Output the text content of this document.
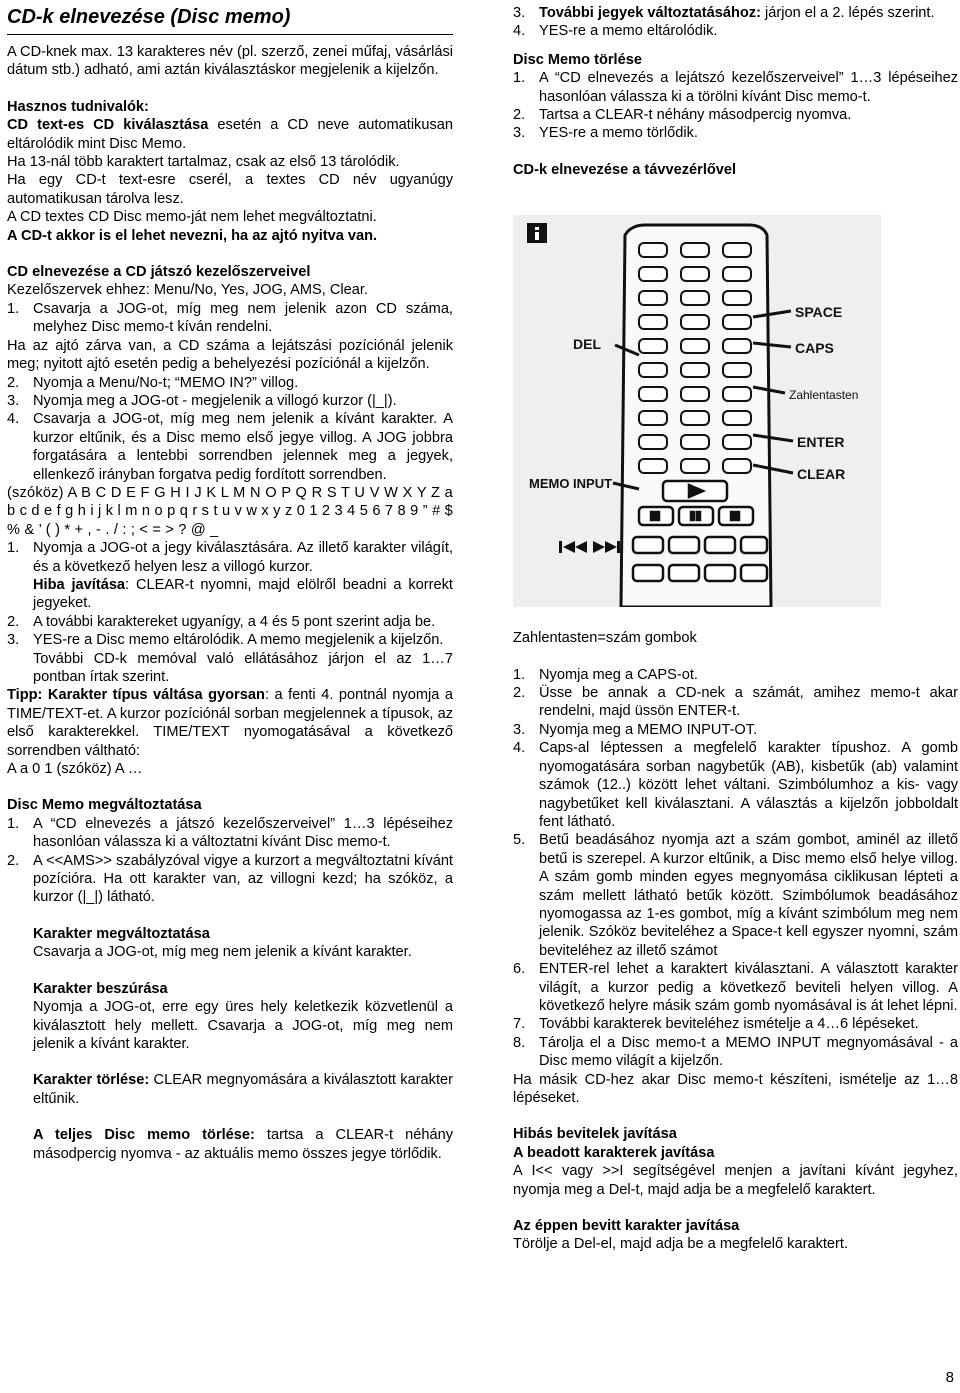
CD-k elnevezése (Disc memo)

A CD-knek max. 13 karakteres név (pl. szerző, zenei műfaj, vásárlási dátum stb.) adható, ami aztán kiválasztáskor megjelenik a kijelzőn.

Hasznos tudnivalók:

CD text-es CD kiválasztása esetén a CD neve automatikusan eltárolódik mint Disc Memo.

Ha 13-nál több karaktert tartalmaz, csak az első 13 tárolódik.

Ha egy CD-t text-esre cserél, a textes CD név ugyanúgy automatikusan tárolva lesz.

A CD textes CD Disc memo-ját nem lehet megváltoztatni.

A CD-t akkor is el lehet nevezni, ha az ajtó nyitva van.

CD elnevezése a CD játszó kezelőszerveivel

Kezelőszervek ehhez: Menu/No, Yes, JOG, AMS, Clear.

1. Csavarja a JOG-ot, míg meg nem jelenik azon CD száma, melyhez Disc memo-t kíván rendelni.

Ha az ajtó zárva van, a CD száma a lejátszási pozíciónál jelenik meg; nyitott ajtó esetén pedig a behelyezési pozíciónál a kijelzőn.

2. Nyomja a Menu/No-t; “MEMO IN?” villog.
3. Nyomja meg a JOG-ot - megjelenik a villogó kurzor (|_|).
4. Csavarja a JOG-ot, míg meg nem jelenik a kívánt karakter. A kurzor eltűnik, és a Disc memo első jegye villog. A JOG jobbra forgatására a lentebbi sorrendben jelennek meg a jegyek, ellenkező irányban forgatva pedig fordított sorrendben.

(szóköz) A B C D E F G H I J K L M N O P Q R S T U V W X Y Z a b c d e f g h i j k l m n o p q r s t u v w x y z 0 1 2 3 4 5 6 7 8 9 ” # $ % & ’ ( ) * + , - . / : ; < = > ? @ _

1. Nyomja a JOG-ot a jegy kiválasztására. Az illető karakter világít, és a következő helyen lesz a villogó kurzor.

Hiba javítása: CLEAR-t nyomni, majd elölről beadni a korrekt jegyeket.

2. A további karaktereket ugyanígy, a 4 és 5 pont szerint adja be.
3. YES-re a Disc memo eltárolódik. A memo megjelenik a kijelzőn.

További CD-k memóval való ellátásához járjon el az 1…7 pontban írtak szerint.

Tipp: Karakter típus váltása gyorsan: a fenti 4. pontnál nyomja a TIME/TEXT-et. A kurzor pozíciónál sorban megjelennek a típusok, az első karakterekkel. TIME/TEXT nyomogatásával a következő sorrendben váltható:

A a 0 1 (szóköz) A …

Disc Memo megváltoztatása

1. A “CD elnevezés a játszó kezelőszerveivel” 1…3 lépéseihez hasonlóan válassza ki a változtatni kívánt Disc memo-t.
2. A <<AMS>> szabályzóval vigye a kurzort a megváltoztatni kívánt pozícióra. Ha ott karakter van, az villogni kezd; ha szóköz, a kurzor (|_|) látható.

Karakter megváltoztatása

Csavarja a JOG-ot, míg meg nem jelenik a kívánt karakter.

Karakter beszúrása

Nyomja a JOG-ot, erre egy üres hely keletkezik közvetlenül a kiválasztott hely mellett. Csavarja a JOG-ot, míg meg nem jelenik a kívánt karakter.

Karakter törlése: CLEAR megnyomására a kiválasztott karakter eltűnik.

A teljes Disc memo törlése: tartsa a CLEAR-t néhány másodpercig nyomva - az aktuális memo összes jegye törlődik.

3. További jegyek változtatásához: járjon el a 2. lépés szerint.
4. YES-re a memo eltárolódik.

Disc Memo törlése

1. A “CD elnevezés a lejátszó kezelőszerveivel” 1…3 lépéseihez hasonlóan válassza ki a törölni kívánt Disc memo-t.
2. Tartsa a CLEAR-t néhány másodpercig nyomva.
3. YES-re a memo törlődik.

CD-k elnevezése a távvezérlővel

SPACE
CAPS
DEL
Zahlentasten
ENTER
CLEAR
MEMO INPUT

Zahlentasten=szám gombok

1. Nyomja meg a CAPS-ot.
2. Üsse be annak a CD-nek a számát, amihez memo-t akar rendelni, majd üssön ENTER-t.
3. Nyomja meg a MEMO INPUT-OT.
4. Caps-al léptessen a megfelelő karakter típushoz. A gomb nyomogatására sorban nagybetűk (AB), kisbetűk (ab) valamint számok (12..) között lehet váltani. Szimbólumhoz a kis- vagy nagybetűket kell kiválasztani. A választás a kijelzőn jobboldalt fent látható.
5. Betű beadásához nyomja azt a szám gombot, aminél az illető betű is szerepel. A kurzor eltűnik, a Disc memo első helye villog. A szám gomb minden egyes megnyomása ciklikusan lépteti a szám mellett látható betűk között. Szimbólumok beadásához nyomogassa az 1-es gombot, míg a kívánt szimbólum meg nem jelenik. Szóköz beviteléhez a Space-t kell egyszer nyomni, szám beviteléhez az illető számot
6. ENTER-rel lehet a karaktert kiválasztani. A választott karakter világít, a kurzor pedig a következő beviteli helyen villog. A következő helyre másik szám gomb nyomásával is át lehet lépni.
7. További karakterek beviteléhez ismételje a 4…6 lépéseket.
8. Tárolja el a Disc memo-t a MEMO INPUT megnyomásával - a Disc memo világít a kijelzőn.

Ha másik CD-hez akar Disc memo-t készíteni, ismételje az 1…8 lépéseket.

Hibás bevitelek javítása

A beadott karakterek javítása

A I<< vagy >>I segítségével menjen a javítani kívánt jegyhez, nyomja meg a Del-t, majd adja be a megfelelő karaktert.

Az éppen bevitt karakter javítása

Törölje a Del-el, majd adja be a megfelelő karaktert.

8
